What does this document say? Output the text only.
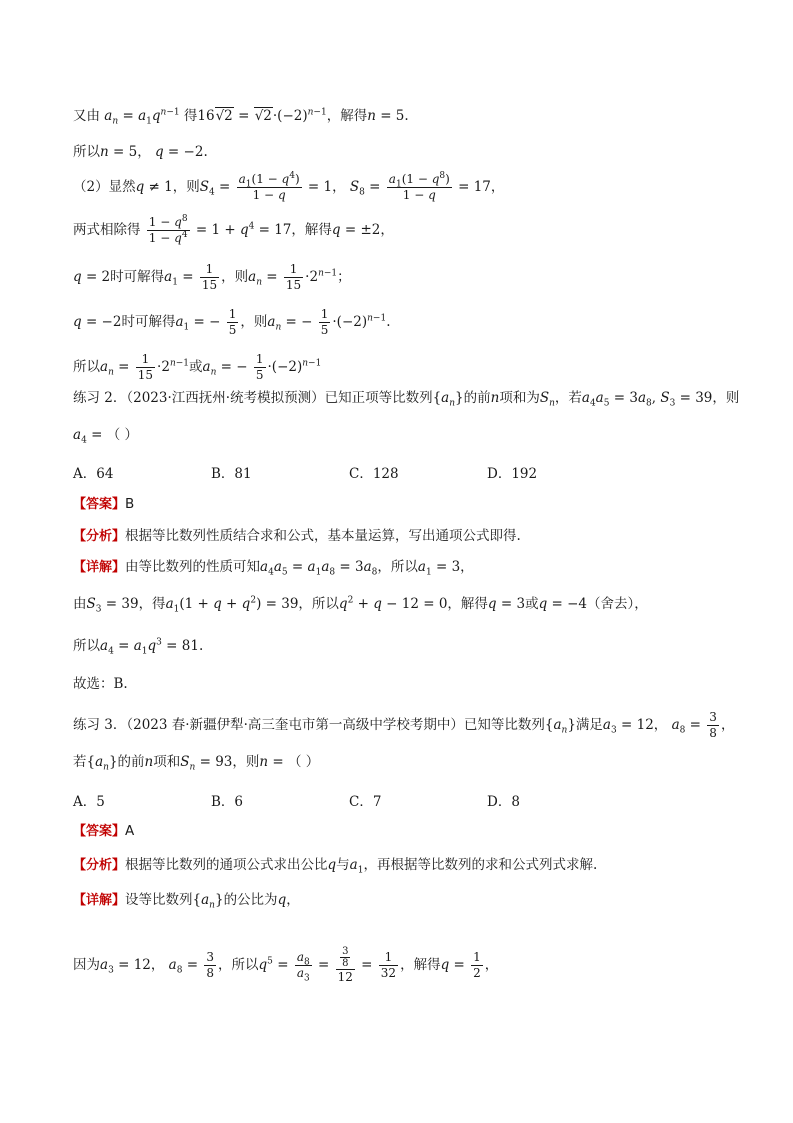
又由 $a_n = a_1q^{n-1}$ 得$16√2 = √2\cdot(-2)^{n-1}$，解得n = 5.
所以n = 5， q = −2.
（2）显然q ≠ 1，则$S_4 = \frac{a_1(1 - q^4)}{1 - q} = 1$， $S_8 = \frac{a_1(1 - q^8)}{1 - q} = 17$，
两式相除得 $\frac{1 - q^8}{1 - q^4} = 1 + q^4 = 17$，解得q = ±2，
q = 2时可解得$a_1 = \frac{1}{15}$ ，则$a_n = \frac{1}{15} \cdot 2^{n-1}$；
q = −2时可解得$a_1$ = − $\frac{1}{5}$ ，则$a_n$ = − $\frac{1}{5} \cdot(-2)^{n-1}$.
所以$a_n = \frac{1}{15} \cdot 2^{n-1}$或$a_n$ = − $\frac{1}{5} \cdot(-2)^{n-1}$
练习 2．（2023·江西抚州·统考模拟预测）已知正项等比数列$\{a_n\}$的前n项和为$S_n$，若$a_4a_5 = 3a_8$, $S_3 = 39$，则
$a_4$ = （ ）
A．64	B．81	C．128	D．192
【答案】B
【分析】根据等比数列性质结合求和公式，基本量运算，写出通项公式即得.
【详解】由等比数列的性质可知$a_4a_5 = a_1a_8 = 3a_8$，所以$a_1 = 3$，
由$S_3 = 39$，得$a_1(1 + q + q^2) = 39$，所以$q^2 + q - 12 = 0$，解得q = 3或q = −4（舍去），
所以$a_4 = a_1q^3 = 81$.
故选：B.
练习 3．（2023 春·新疆伊犁·高三奎屯市第一高级中学校考期中）已知等比数列$\{a_n\}$满足$a_3 = 12$， $a_8 = \frac{3}{8}$ ，
若$\{a_n\}$的前n项和$S_n = 93$，则n = （ ）
A．5	B．6	C．7	D．8
【答案】A
【分析】根据等比数列的通项公式求出公比q与$a_1$，再根据等比数列的求和公式列式求解.
【详解】设等比数列$\{a_n\}$的公比为q，
因为$a_3 = 12$， $a_8 = \frac{3}{8}$ ，所以$q^5 = \frac{a_8}{a_3} = \frac{\frac{3}{8}}{12} = \frac{1}{32}$ ，解得$q = \frac{1}{2}$ ，
